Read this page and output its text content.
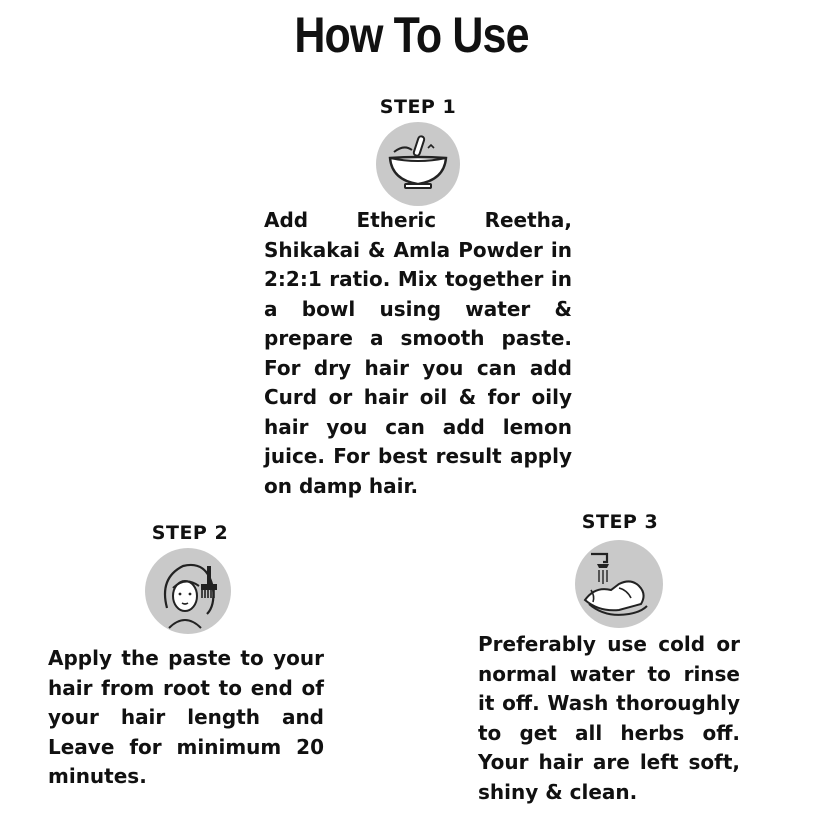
How To Use
STEP 1
Add Etheric Reetha, Shikakai & Amla Powder in 2:2:1 ratio. Mix together in a bowl using water & prepare a smooth paste. For dry hair you can add Curd or hair oil & for oily hair you can add lemon juice. For best result apply on damp hair.
STEP 2
Apply the paste to your hair from root to end of your hair length and Leave for minimum 20 minutes.
STEP 3
Preferably use cold or normal water to rinse it off. Wash thoroughly to get all herbs off. Your hair are left soft, shiny & clean.
